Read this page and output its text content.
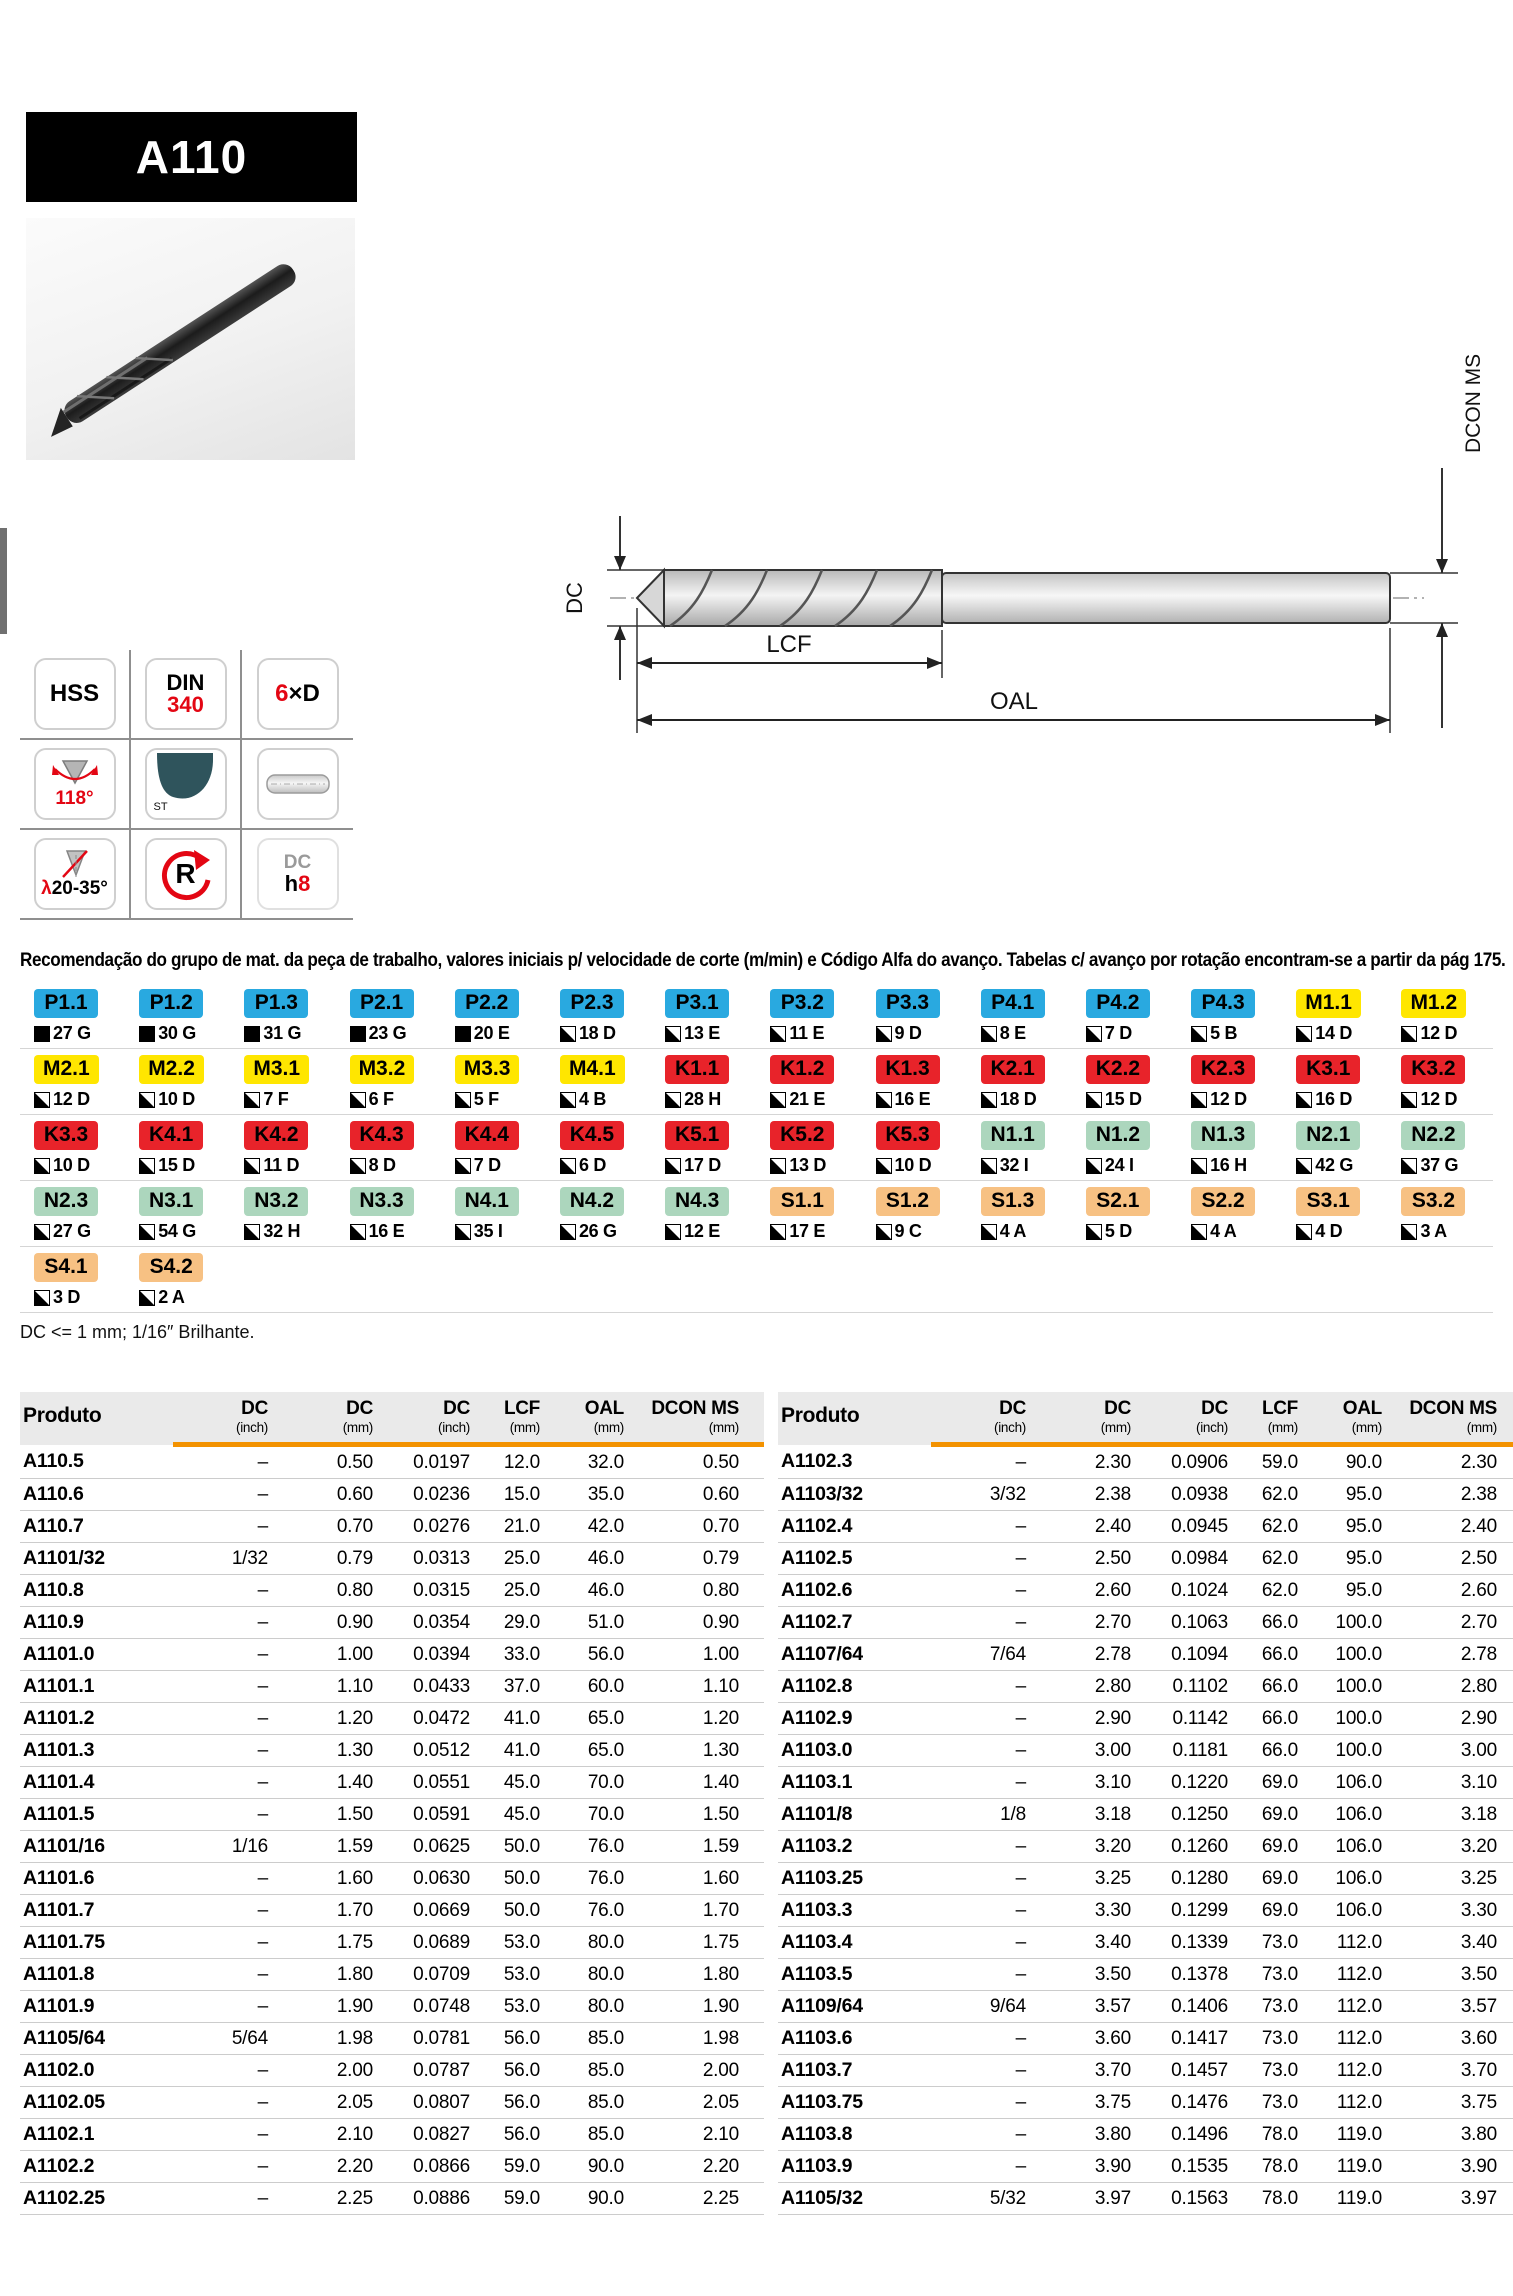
A110
DC
LCF
OAL
DCON MS
HSS	DIN
340	6×D
118°	ST
λ20-35° R	DC
h8
Recomendação do grupo de mat. da peça de trabalho, valores iniciais p/ velocidade de corte (m/min) e Código Alfa do avanço. Tabelas c/ avanço por rotação encontram-se a partir da pág 175.
P1.1
27 G
P1.2
30 G
P1.3
31 G
P2.1
23 G
P2.2
20 E
P2.3
18 D
P3.1
13 E
P3.2
11 E
P3.3
9 D
P4.1
8 E
P4.2
7 D
P4.3
5 B
M1.1
14 D
M1.2
12 D
M2.1
12 D
M2.2
10 D
M3.1
7 F
M3.2
6 F
M3.3
5 F
M4.1
4 B
K1.1
28 H
K1.2
21 E
K1.3
16 E
K2.1
18 D
K2.2
15 D
K2.3
12 D
K3.1
16 D
K3.2
12 D
K3.3
10 D
K4.1
15 D
K4.2
11 D
K4.3
8 D
K4.4
7 D
K4.5
6 D
K5.1
17 D
K5.2
13 D
K5.3
10 D
N1.1
32 I
N1.2
24 I
N1.3
16 H
N2.1
42 G
N2.2
37 G
N2.3
27 G
N3.1
54 G
N3.2
32 H
N3.3
16 E
N4.1
35 I
N4.2
26 G
N4.3
12 E
S1.1
17 E
S1.2
9 C
S1.3
4 A
S2.1
5 D
S2.2
4 A
S3.1
4 D
S3.2
3 A
S4.1
3 D
S4.2
2 A
DC <= 1 mm; 1/16″ Brilhante.
Produto	DC	DC	DC	LCF	OAL	DCON MS
	(inch)	(mm)	(inch)	(mm)	(mm)	(mm)
A110.5	–	0.50	0.0197	12.0	32.0	0.50
A110.6	–	0.60	0.0236	15.0	35.0	0.60
A110.7	–	0.70	0.0276	21.0	42.0	0.70
A1101/32	1/32	0.79	0.0313	25.0	46.0	0.79
A110.8	–	0.80	0.0315	25.0	46.0	0.80
A110.9	–	0.90	0.0354	29.0	51.0	0.90
A1101.0	–	1.00	0.0394	33.0	56.0	1.00
A1101.1	–	1.10	0.0433	37.0	60.0	1.10
A1101.2	–	1.20	0.0472	41.0	65.0	1.20
A1101.3	–	1.30	0.0512	41.0	65.0	1.30
A1101.4	–	1.40	0.0551	45.0	70.0	1.40
A1101.5	–	1.50	0.0591	45.0	70.0	1.50
A1101/16	1/16	1.59	0.0625	50.0	76.0	1.59
A1101.6	–	1.60	0.0630	50.0	76.0	1.60
A1101.7	–	1.70	0.0669	50.0	76.0	1.70
A1101.75	–	1.75	0.0689	53.0	80.0	1.75
A1101.8	–	1.80	0.0709	53.0	80.0	1.80
A1101.9	–	1.90	0.0748	53.0	80.0	1.90
A1105/64	5/64	1.98	0.0781	56.0	85.0	1.98
A1102.0	–	2.00	0.0787	56.0	85.0	2.00
A1102.05	–	2.05	0.0807	56.0	85.0	2.05
A1102.1	–	2.10	0.0827	56.0	85.0	2.10
A1102.2	–	2.20	0.0866	59.0	90.0	2.20
A1102.25	–	2.25	0.0886	59.0	90.0	2.25
Produto	DC	DC	DC	LCF	OAL	DCON MS
	(inch)	(mm)	(inch)	(mm)	(mm)	(mm)
A1102.3	–	2.30	0.0906	59.0	90.0	2.30
A1103/32	3/32	2.38	0.0938	62.0	95.0	2.38
A1102.4	–	2.40	0.0945	62.0	95.0	2.40
A1102.5	–	2.50	0.0984	62.0	95.0	2.50
A1102.6	–	2.60	0.1024	62.0	95.0	2.60
A1102.7	–	2.70	0.1063	66.0	100.0	2.70
A1107/64	7/64	2.78	0.1094	66.0	100.0	2.78
A1102.8	–	2.80	0.1102	66.0	100.0	2.80
A1102.9	–	2.90	0.1142	66.0	100.0	2.90
A1103.0	–	3.00	0.1181	66.0	100.0	3.00
A1103.1	–	3.10	0.1220	69.0	106.0	3.10
A1101/8	1/8	3.18	0.1250	69.0	106.0	3.18
A1103.2	–	3.20	0.1260	69.0	106.0	3.20
A1103.25	–	3.25	0.1280	69.0	106.0	3.25
A1103.3	–	3.30	0.1299	69.0	106.0	3.30
A1103.4	–	3.40	0.1339	73.0	112.0	3.40
A1103.5	–	3.50	0.1378	73.0	112.0	3.50
A1109/64	9/64	3.57	0.1406	73.0	112.0	3.57
A1103.6	–	3.60	0.1417	73.0	112.0	3.60
A1103.7	–	3.70	0.1457	73.0	112.0	3.70
A1103.75	–	3.75	0.1476	73.0	112.0	3.75
A1103.8	–	3.80	0.1496	78.0	119.0	3.80
A1103.9	–	3.90	0.1535	78.0	119.0	3.90
A1105/32	5/32	3.97	0.1563	78.0	119.0	3.97
